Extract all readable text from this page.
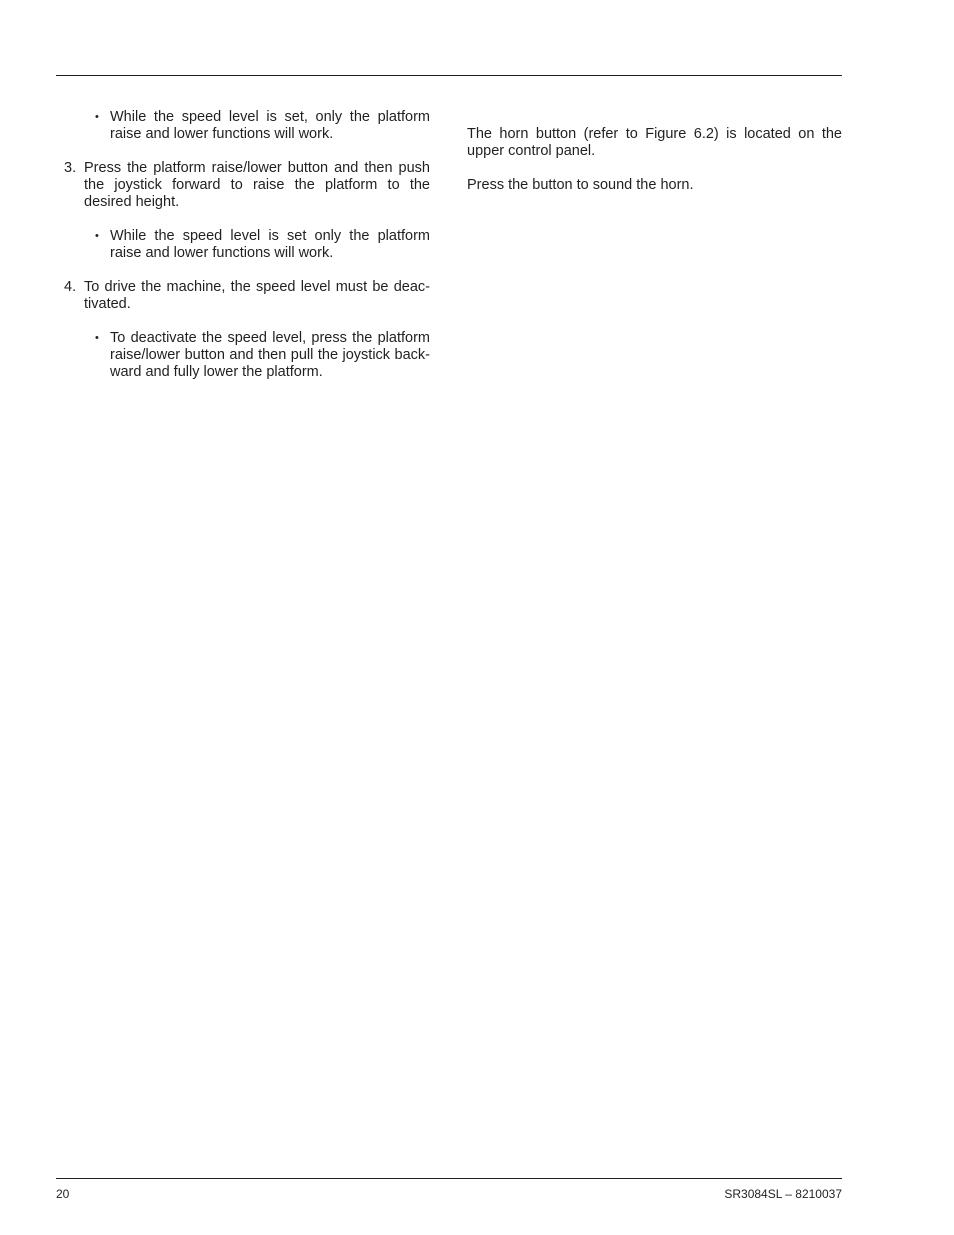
• While the speed level is set, only the platform raise and lower functions will work.
3. Press the platform raise/lower button and then push the joystick forward to raise the platform to the desired height.
• While the speed level is set only the platform raise and lower functions will work.
4. To drive the machine, the speed level must be deac-tivated.
• To deactivate the speed level, press the platform raise/lower button and then pull the joystick back-ward and fully lower the platform.

The horn button (refer to Figure 6.2) is located on the upper control panel.

Press the button to sound the horn.

20	SR3084SL – 8210037
